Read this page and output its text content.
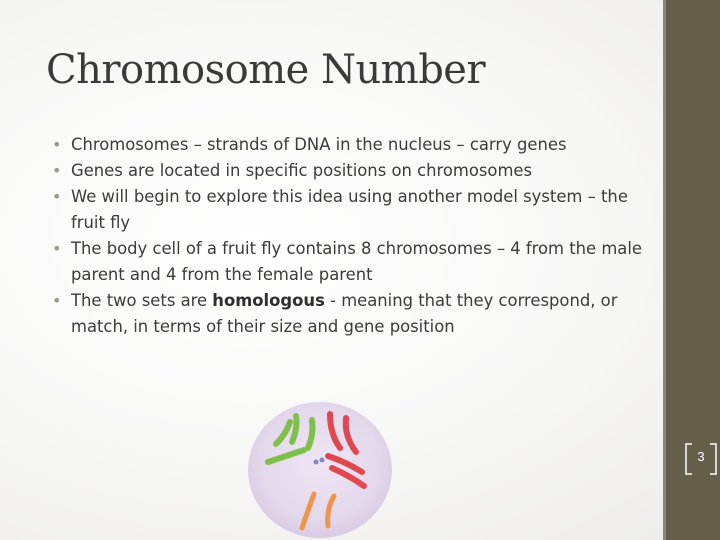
Chromosome Number
• Chromosomes – strands of DNA in the nucleus – carry genes
• Genes are located in specific positions on chromosomes
• We will begin to explore this idea using another model system – the fruit fly
• The body cell of a fruit fly contains 8 chromosomes – 4 from the male parent and 4 from the female parent
• The two sets are homologous - meaning that they correspond, or match, in terms of their size and gene position
3
